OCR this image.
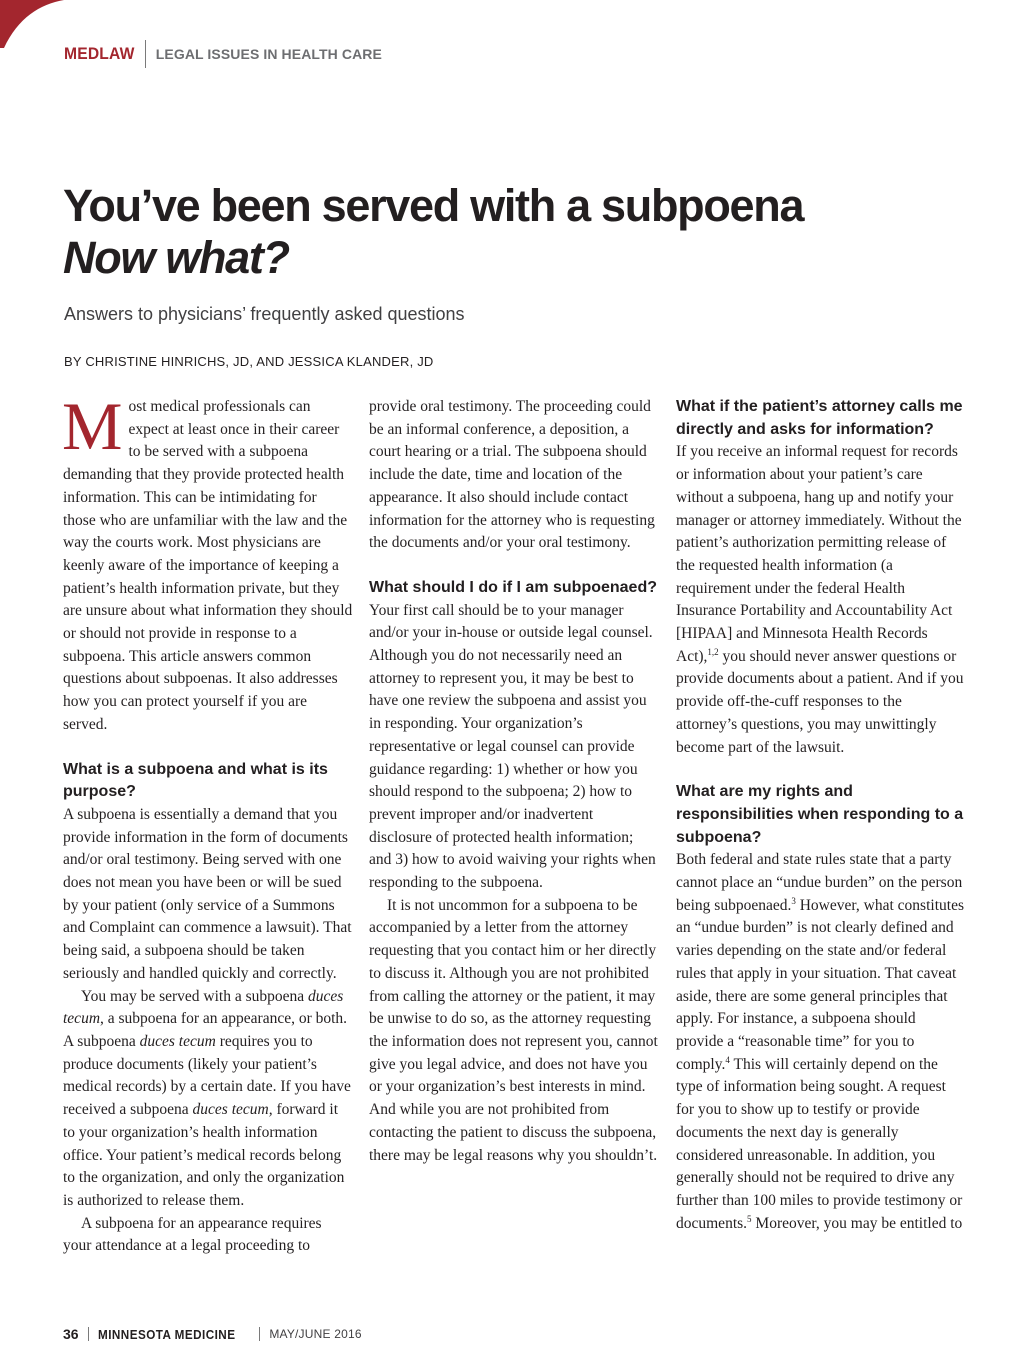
MEDLAW LEGAL ISSUES IN HEALTH CARE
You’ve been served with a subpoena
Now what?
Answers to physicians’ frequently asked questions
BY CHRISTINE HINRICHS, JD, AND JESSICA KLANDER, JD

Most medical professionals can expect at least once in their career to be served with a subpoena demanding that they provide protected health information. This can be intimidating for those who are unfamiliar with the law and the way the courts work. Most physicians are keenly aware of the importance of keeping a patient’s health information private, but they are unsure about what information they should or should not provide in response to a subpoena. This article answers common questions about subpoenas. It also addresses how you can protect yourself if you are served.

What is a subpoena and what is its purpose?

A subpoena is essentially a demand that you provide information in the form of documents and/or oral testimony. Being served with one does not mean you have been or will be sued by your patient (only service of a Summons and Complaint can commence a lawsuit). That being said, a subpoena should be taken seriously and handled quickly and correctly.

You may be served with a subpoena duces tecum, a subpoena for an appearance, or both. A subpoena duces tecum requires you to produce documents (likely your patient’s medical records) by a certain date. If you have received a subpoena duces tecum, forward it to your organization’s health information office. Your patient’s medical records belong to the organization, and only the organization is authorized to release them.

A subpoena for an appearance requires your attendance at a legal proceeding to

provide oral testimony. The proceeding could be an informal conference, a deposition, a court hearing or a trial. The subpoena should include the date, time and location of the appearance. It also should include contact information for the attorney who is requesting the documents and/or your oral testimony.

What should I do if I am subpoenaed?

Your first call should be to your manager and/or your in-house or outside legal counsel. Although you do not necessarily need an attorney to represent you, it may be best to have one review the subpoena and assist you in responding. Your organization’s representative or legal counsel can provide guidance regarding: 1) whether or how you should respond to the subpoena; 2) how to prevent improper and/or inadvertent disclosure of protected health information; and 3) how to avoid waiving your rights when responding to the subpoena.

It is not uncommon for a subpoena to be accompanied by a letter from the attorney requesting that you contact him or her directly to discuss it. Although you are not prohibited from calling the attorney or the patient, it may be unwise to do so, as the attorney requesting the information does not represent you, cannot give you legal advice, and does not have you or your organization’s best interests in mind. And while you are not prohibited from contacting the patient to discuss the subpoena, there may be legal reasons why you shouldn’t.

What if the patient’s attorney calls me directly and asks for information?

If you receive an informal request for records or information about your patient’s care without a subpoena, hang up and notify your manager or attorney immediately. Without the patient’s authorization permitting release of the requested health information (a requirement under the federal Health Insurance Portability and Accountability Act [HIPAA] and Minnesota Health Records Act),$^{1,2}$ you should never answer questions or provide documents about a patient. And if you provide off-the-cuff responses to the attorney’s questions, you may unwittingly become part of the lawsuit.

What are my rights and responsibilities when responding to a subpoena?

Both federal and state rules state that a party cannot place an “undue burden” on the person being subpoenaed.$^3$ However, what constitutes an “undue burden” is not clearly defined and varies depending on the state and/or federal rules that apply in your situation. That caveat aside, there are some general principles that apply. For instance, a subpoena should provide a “reasonable time” for you to comply.$^4$ This will certainly depend on the type of information being sought. A request for you to show up to testify or provide documents the next day is generally considered unreasonable. In addition, you generally should not be required to drive any further than 100 miles to provide testimony or documents.$^5$ Moreover, you may be entitled to

36 MINNESOTA MEDICINE	MAY/JUNE 2016
